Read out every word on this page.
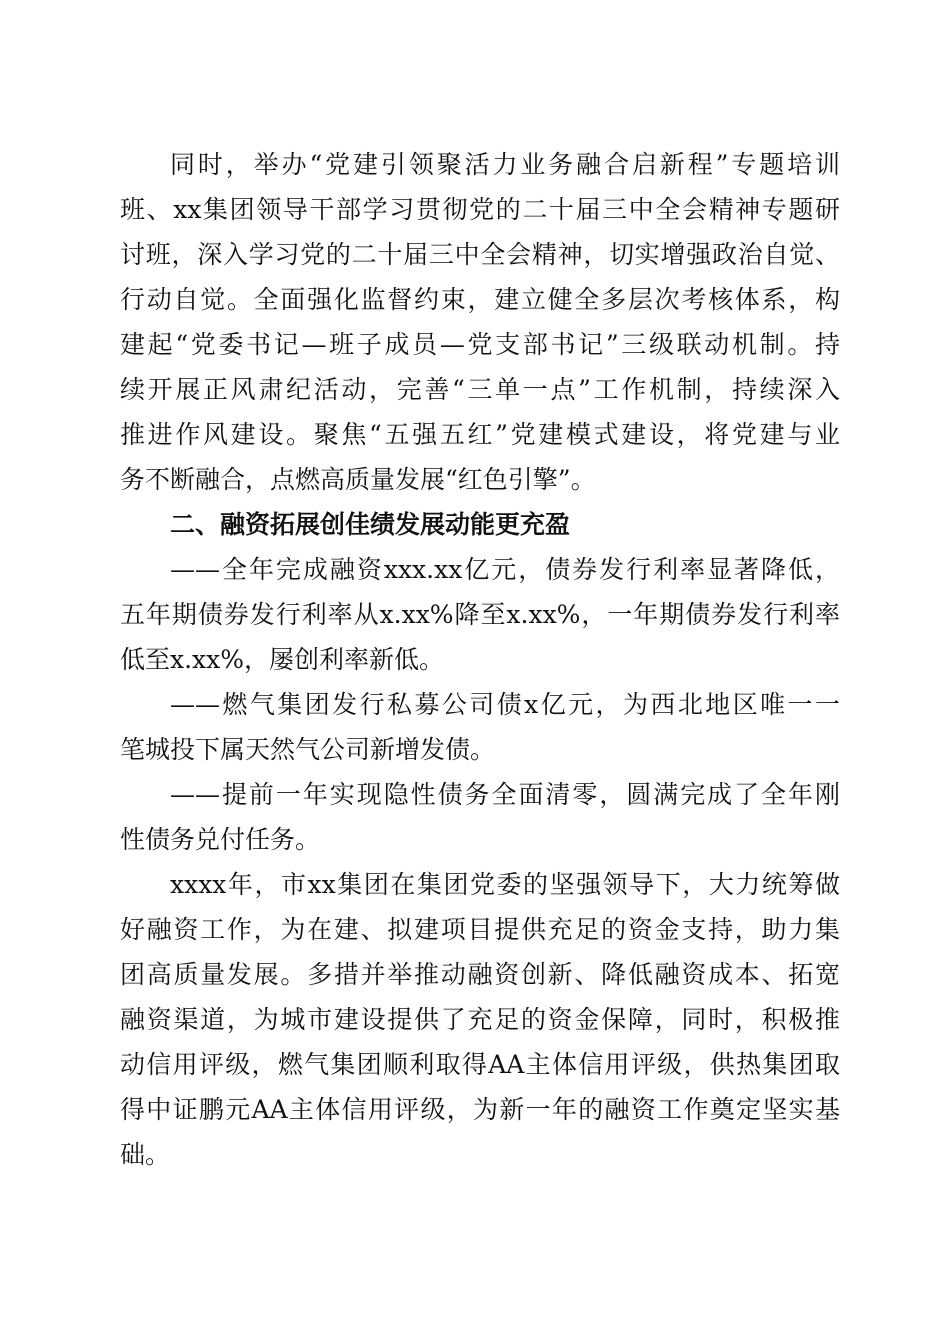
同时，举办“党建引领聚活力业务融合启新程”专题培训
班、xx集团领导干部学习贯彻党的二十届三中全会精神专题研
讨班，深入学习党的二十届三中全会精神，切实增强政治自觉、
行动自觉。全面强化监督约束，建立健全多层次考核体系，构
建起“党委书记—班子成员—党支部书记”三级联动机制。持
续开展正风肃纪活动，完善“三单一点”工作机制，持续深入
推进作风建设。聚焦“五强五红”党建模式建设，将党建与业
务不断融合，点燃高质量发展“红色引擎”。
二、融资拓展创佳绩发展动能更充盈
——全年完成融资xxx.xx亿元，债券发行利率显著降低，
五年期债券发行利率从x.xx%降至x.xx%，一年期债券发行利率
低至x.xx%，屡创利率新低。
——燃气集团发行私募公司债x亿元，为西北地区唯一一
笔城投下属天然气公司新增发债。
——提前一年实现隐性债务全面清零，圆满完成了全年刚
性债务兑付任务。
xxxx年，市xx集团在集团党委的坚强领导下，大力统筹做
好融资工作，为在建、拟建项目提供充足的资金支持，助力集
团高质量发展。多措并举推动融资创新、降低融资成本、拓宽
融资渠道，为城市建设提供了充足的资金保障，同时，积极推
动信用评级，燃气集团顺利取得AA主体信用评级，供热集团取
得中证鹏元AA主体信用评级，为新一年的融资工作奠定坚实基
础。
